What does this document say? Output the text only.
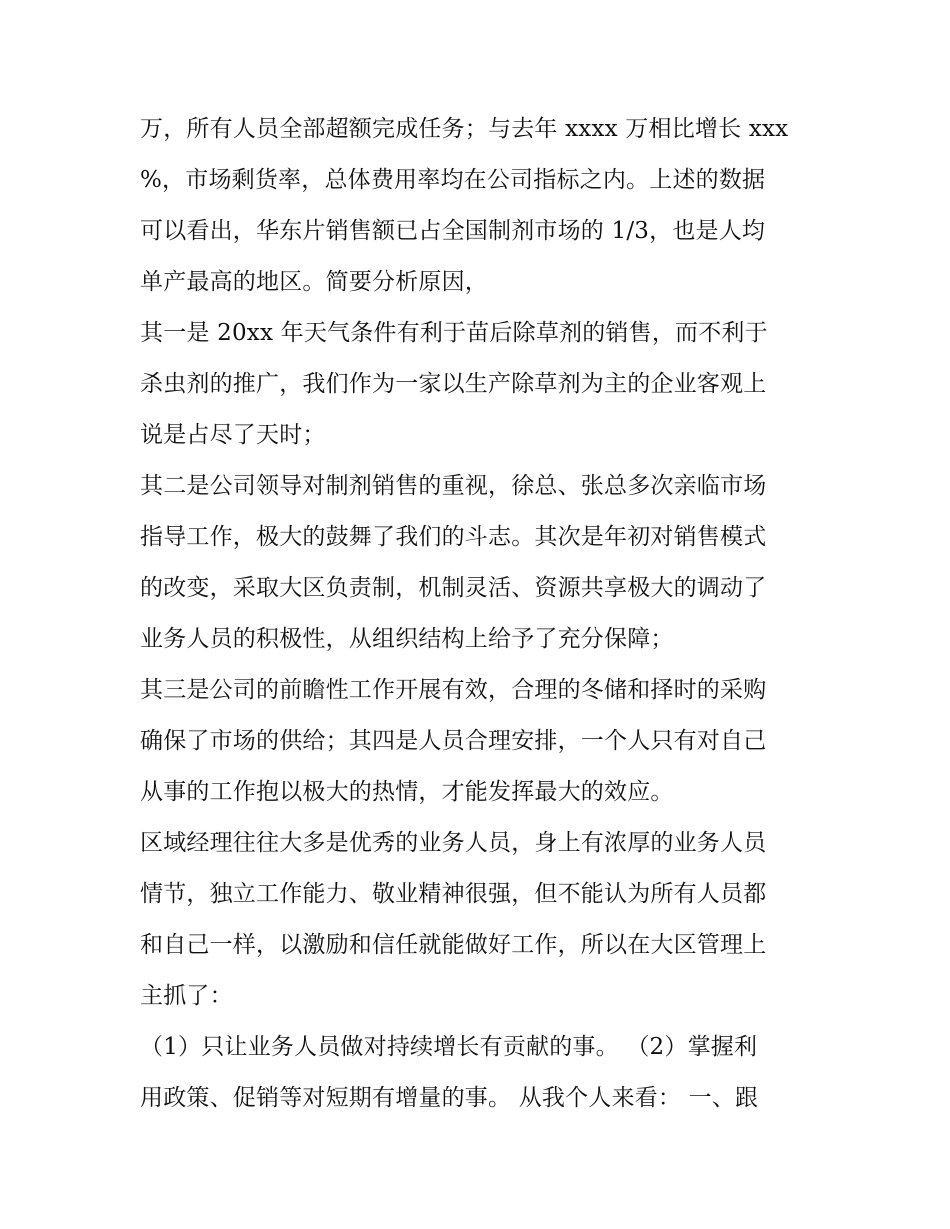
万，所有人员全部超额完成任务；与去年 xxxx 万相比增长 xxx
%，市场剩货率，总体费用率均在公司指标之内。上述的数据
可以看出，华东片销售额已占全国制剂市场的 1/3，也是人均
单产最高的地区。简要分析原因，
其一是 20xx 年天气条件有利于苗后除草剂的销售，而不利于
杀虫剂的推广，我们作为一家以生产除草剂为主的企业客观上
说是占尽了天时；
其二是公司领导对制剂销售的重视，徐总、张总多次亲临市场
指导工作，极大的鼓舞了我们的斗志。其次是年初对销售模式
的改变，采取大区负责制，机制灵活、资源共享极大的调动了
业务人员的积极性，从组织结构上给予了充分保障；
其三是公司的前瞻性工作开展有效，合理的冬储和择时的采购
确保了市场的供给；其四是人员合理安排，一个人只有对自己
从事的工作抱以极大的热情，才能发挥最大的效应。
区域经理往往大多是优秀的业务人员，身上有浓厚的业务人员
情节，独立工作能力、敬业精神很强，但不能认为所有人员都
和自己一样，以激励和信任就能做好工作，所以在大区管理上
主抓了：
（1）只让业务人员做对持续增长有贡献的事。 （2）掌握利
用政策、促销等对短期有增量的事。 从我个人来看： 一、跟
